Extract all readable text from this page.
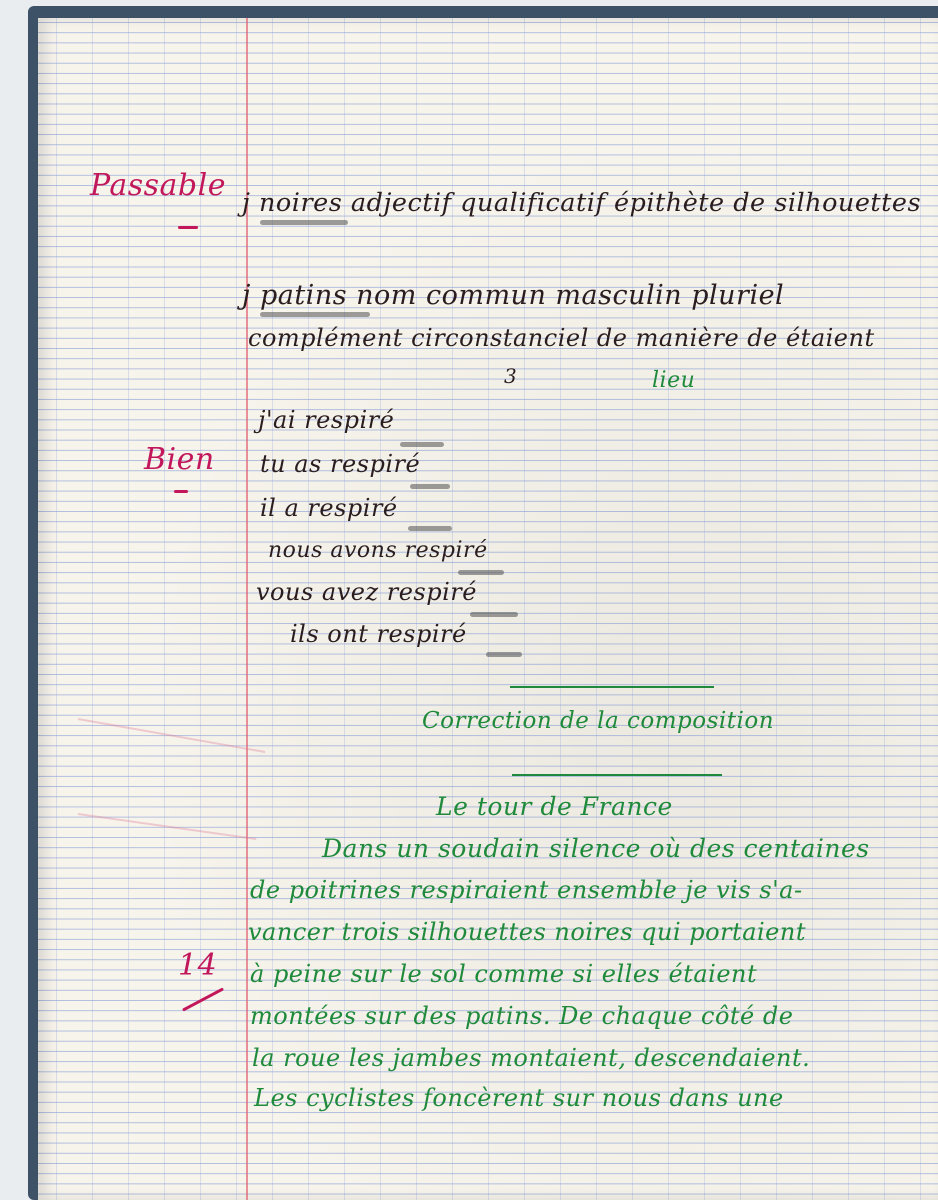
Passable j noires adjectif qualificatif épithète de silhouettes
j patins nom commun masculin pluriel
complément circonstanciel de manière de étaient
3	lieu
Bien
j'ai respiré
tu as respiré
il a respiré
nous avons respiré
vous avez respiré
ils ont respiré
Correction de la composition
Le tour de France
14
Dans un soudain silence où des centaines
de poitrines respiraient ensemble je vis s'a-
vancer trois silhouettes noires qui portaient
à peine sur le sol comme si elles étaient
montées sur des patins. De chaque côté de
la roue les jambes montaient, descendaient.
Les cyclistes foncèrent sur nous dans une
